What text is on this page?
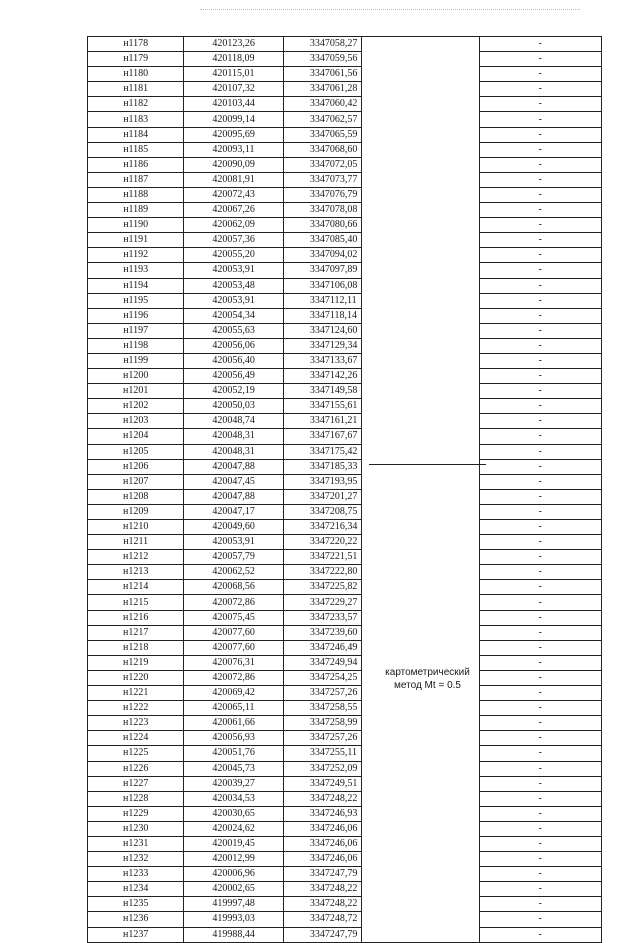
н1178	420123,26	3347058,27		-
н1179	420118,09	3347059,56		-
н1180	420115,01	3347061,56		-
н1181	420107,32	3347061,28		-
н1182	420103,44	3347060,42		-
н1183	420099,14	3347062,57		-
н1184	420095,69	3347065,59		-
н1185	420093,11	3347068,60		-
н1186	420090,09	3347072,05		-
н1187	420081,91	3347073,77		-
н1188	420072,43	3347076,79		-
н1189	420067,26	3347078,08		-
н1190	420062,09	3347080,66		-
н1191	420057,36	3347085,40		-
н1192	420055,20	3347094,02		-
н1193	420053,91	3347097,89		-
н1194	420053,48	3347106,08		-
н1195	420053,91	3347112,11		-
н1196	420054,34	3347118,14		-
н1197	420055,63	3347124,60		-
н1198	420056,06	3347129,34		-
н1199	420056,40	3347133,67		-
н1200	420056,49	3347142,26		-
н1201	420052,19	3347149,58		-
н1202	420050,03	3347155,61		-
н1203	420048,74	3347161,21		-
н1204	420048,31	3347167,67		-
н1205	420048,31	3347175,42		-
н1206	420047,88	3347185,33		-
н1207	420047,45	3347193,95		-
н1208	420047,88	3347201,27		-
н1209	420047,17	3347208,75		-
н1210	420049,60	3347216,34		-
н1211	420053,91	3347220,22		-
н1212	420057,79	3347221,51		-
н1213	420062,52	3347222,80		-
н1214	420068,56	3347225,82		-
н1215	420072,86	3347229,27		-
н1216	420075,45	3347233,57		-
н1217	420077,60	3347239,60		-
н1218	420077,60	3347246,49		-
н1219	420076,31	3347249,94		-
н1220	420072,86	3347254,25		-
н1221	420069,42	3347257,26		-
н1222	420065,11	3347258,55		-
н1223	420061,66	3347258,99		-
н1224	420056,93	3347257,26		-
н1225	420051,76	3347255,11		-
н1226	420045,73	3347252,09		-
н1227	420039,27	3347249,51		-
н1228	420034,53	3347248,22		-
н1229	420030,65	3347246,93		-
н1230	420024,62	3347246,06		-
н1231	420019,45	3347246,06		-
н1232	420012,99	3347246,06		-
н1233	420006,96	3347247,79		-
н1234	420002,65	3347248,22		-
н1235	419997,48	3347248,22		-
н1236	419993,03	3347248,72		-
н1237	419988,44	3347247,79		-
картометрический
метод Mt = 0.5
